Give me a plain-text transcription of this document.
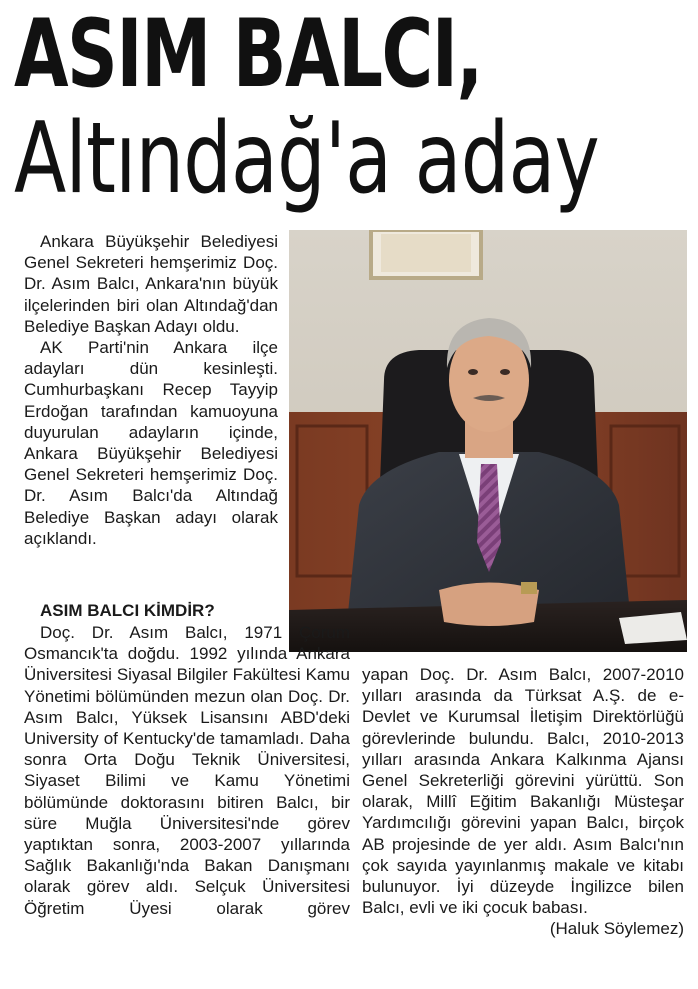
ASIM BALCI,
Altındağ'a aday

Ankara Büyükşehir Belediyesi Genel Sekreteri hemşerimiz Doç. Dr. Asım Balcı, Ankara'nın büyük ilçelerinden biri olan Altındağ'dan Belediye Başkan Adayı oldu.

AK Parti'nin Ankara ilçe adayları dün kesinleşti. Cumhurbaşkanı Recep Tayyip Erdoğan tarafından kamuoyuna duyurulan adayların içinde, Ankara Büyükşehir Belediyesi Genel Sekreteri hemşerimiz Doç. Dr. Asım Balcı'da Altındağ Belediye Başkan adayı olarak açıklandı.

ASIM BALCI KİMDİR?

Doç. Dr. Asım Balcı, 1971 Çorum Osmancık'ta doğdu. 1992 yılında Ankara Üniversitesi Siyasal Bilgiler Fakültesi Kamu Yönetimi bölümünden mezun olan Doç. Dr. Asım Balcı, Yüksek Lisansını ABD'deki University of Kentucky'de tamamladı. Daha sonra Orta Doğu Teknik Üniversitesi, Siyaset Bilimi ve Kamu Yönetimi bölümünde doktorasını bitiren Balcı, bir süre Muğla Üniversitesi'nde görev yaptıktan sonra, 2003-2007 yıllarında Sağlık Bakanlığı'nda Bakan Danışmanı olarak görev aldı. Selçuk Üniversitesi Öğretim Üyesi olarak görev

yapan Doç. Dr. Asım Balcı, 2007-2010 yılları arasında da Türksat A.Ş. de e-Devlet ve Kurumsal İletişim Direktörlüğü görevlerinde bulundu. Balcı, 2010-2013 yılları arasında Ankara Kalkınma Ajansı Genel Sekreterliği görevini yürüttü. Son olarak, Millî Eğitim Bakanlığı Müsteşar Yardımcılığı görevini yapan Balcı, birçok AB projesinde de yer aldı. Asım Balcı'nın çok sayıda yayınlanmış makale ve kitabı bulunuyor. İyi düzeyde İngilizce bilen Balcı, evli ve iki çocuk babası.
(Haluk Söylemez)
